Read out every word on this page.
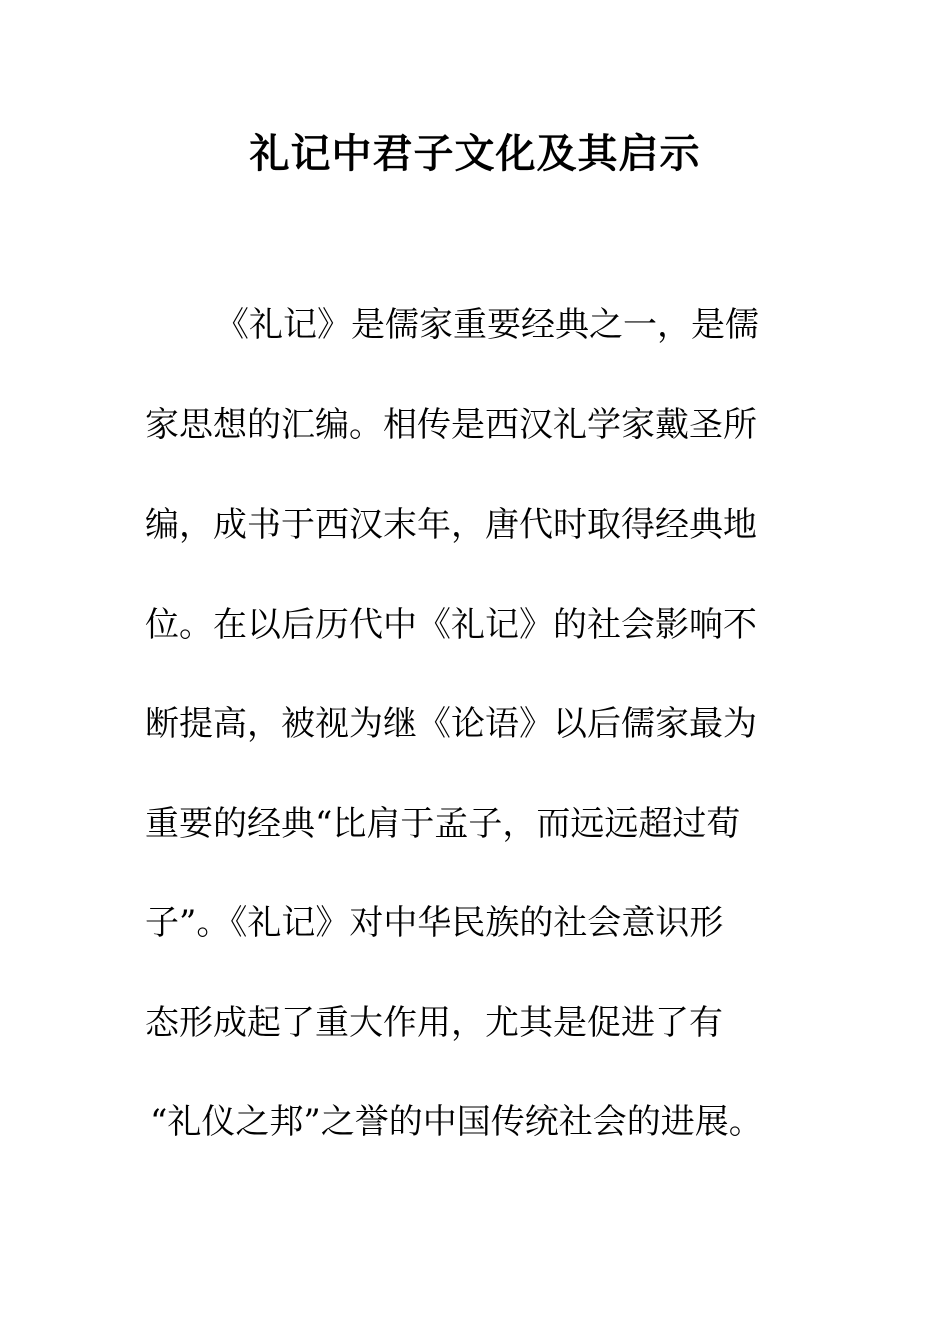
礼记中君子文化及其启示
《礼记》是儒家重要经典之一，是儒
家思想的汇编。相传是西汉礼学家戴圣所
编，成书于西汉末年，唐代时取得经典地
位。在以后历代中《礼记》的社会影响不
断提高，被视为继《论语》以后儒家最为
重要的经典“比肩于孟子，而远远超过荀
子”。《礼记》对中华民族的社会意识形
态形成起了重大作用，尤其是促进了有
“礼仪之邦”之誉的中国传统社会的进展。
